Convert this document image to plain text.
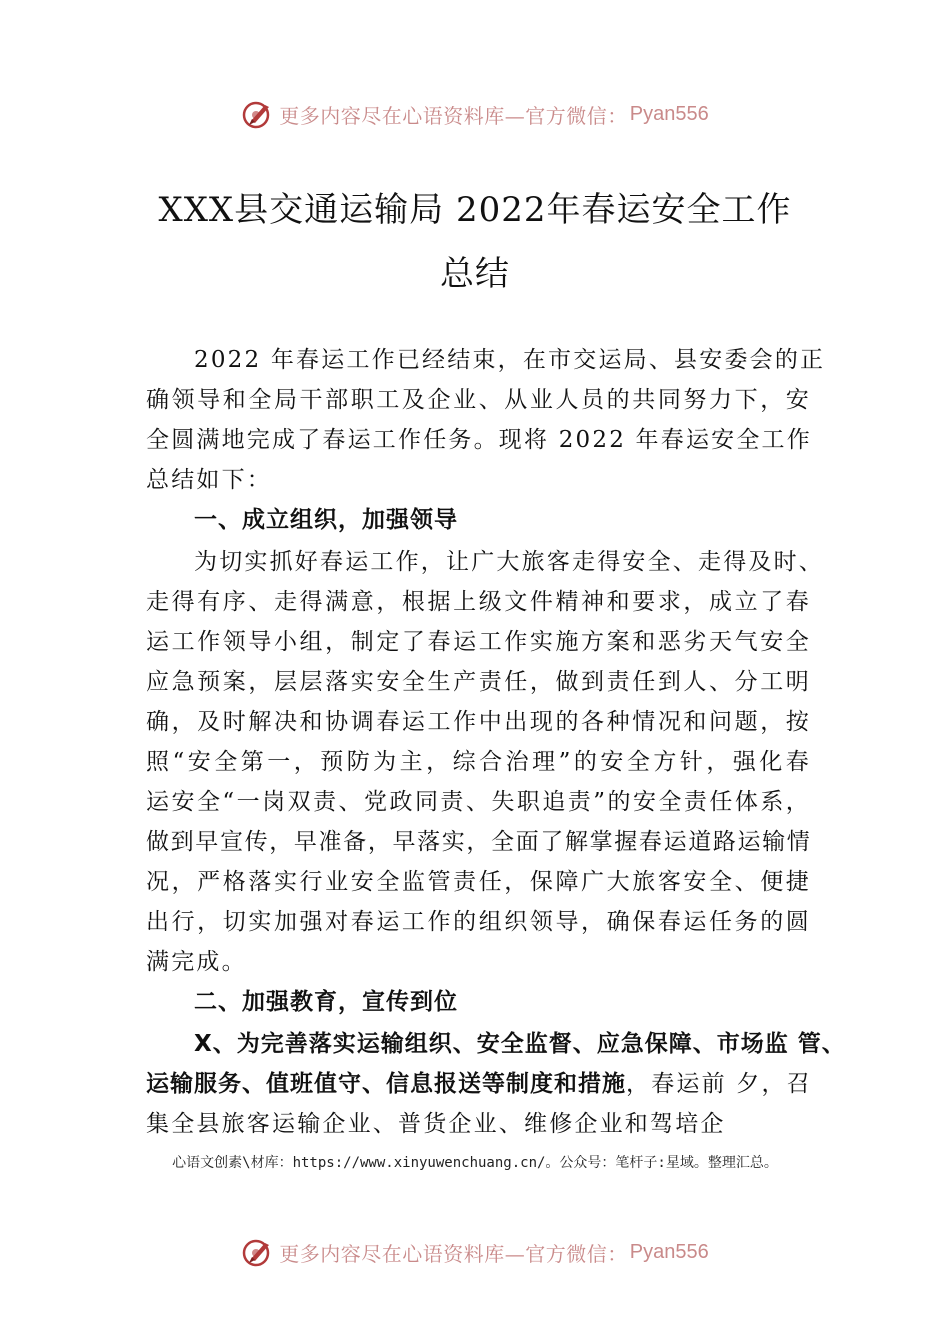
更多内容尽在心语资料库—官方微信： Pyan556
XXX县交通运输局 2022年春运安全工作
总结
2022 年春运工作已经结束，在市交运局、县安委会的正
确领导和全局干部职工及企业、从业人员的共同努力下，安
全圆满地完成了春运工作任务。现将 2022 年春运安全工作
总结如下：
一、成立组织，加强领导
为切实抓好春运工作，让广大旅客走得安全、走得及时、
走得有序、走得满意，根据上级文件精神和要求，成立了春
运工作领导小组，制定了春运工作实施方案和恶劣天气安全
应急预案，层层落实安全生产责任，做到责任到人、分工明
确，及时解决和协调春运工作中出现的各种情况和问题，按
照“安全第一，预防为主，综合治理”的安全方针，强化春
运安全“一岗双责、党政同责、失职追责”的安全责任体系，
做到早宣传，早准备，早落实，全面了解掌握春运道路运输情
况，严格落实行业安全监管责任，保障广大旅客安全、便捷
出行，切实加强对春运工作的组织领导，确保春运任务的圆
满完成。
二、加强教育，宣传到位
X、为完善落实运输组织、安全监督、应急保障、市场监 管、
运输服务、值班值守、信息报送等制度和措施，春运前 夕，召
集全县旅客运输企业、普货企业、维修企业和驾培企
心语文创素\材库：https://www.xinyuwenchuang.cn/。公众号：笔杆子:星域。整理汇总。
更多内容尽在心语资料库—官方微信： Pyan556
